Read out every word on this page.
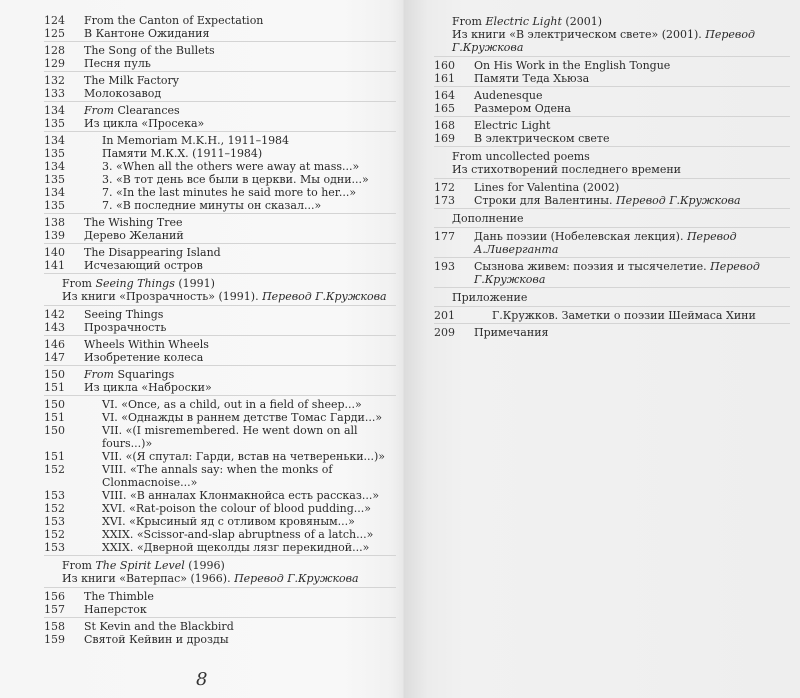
124	From the Canton of Expectation
125	В Кантоне Ожидания
128	The Song of the Bullets
129	Песня пуль
132	The Milk Factory
133	Молокозавод
134	From Clearances
135	Из цикла «Просека»
134	In Memoriam M.K.H., 1911–1984
135	Памяти М.К.Х. (1911–1984)
134	3. «When all the others were away at mass...»
135	3. «В тот день все были в церкви. Мы одни...»
134	7. «In the last minutes he said more to her...»
135	7. «В последние минуты он сказал...»
138	The Wishing Tree
139	Дерево Желаний
140	The Disappearing Island
141	Исчезающий остров
From Seeing Things (1991)
Из книги «Прозрачность» (1991). Перевод Г.Кружкова
142	Seeing Things
143	Прозрачность
146	Wheels Within Wheels
147	Изобретение колеса
150	From Squarings
151	Из цикла «Наброски»
150	VI. «Once, as a child, out in a field of sheep...»
151	VI. «Однажды в раннем детстве Томас Гарди...»
150	VII. «(I misremembered. He went down on all fours...)»
151	VII. «(Я спутал: Гарди, встав на четвереньки...)»
152	VIII. «The annals say: when the monks of Clonmacnoise...»
153	VIII. «В анналах Клонмакнойса есть рассказ...»
152	XVI. «Rat-poison the colour of blood pudding...»
153	XVI. «Крысиный яд с отливом кровяным...»
152	XXIX. «Scissor-and-slap abruptness of a latch...»
153	XXIX. «Дверной щеколды лязг перекидной...»
From The Spirit Level (1996)
Из книги «Ватерпас» (1966). Перевод Г.Кружкова
156	The Thimble
157	Наперсток
158	St Kevin and the Blackbird
159	Святой Кейвин и дрозды
8
From Electric Light (2001)
Из книги «В электрическом свете» (2001). Перевод Г.Кружкова
160	On His Work in the English Tongue
161	Памяти Теда Хьюза
164	Audenesque
165	Размером Одена
168	Electric Light
169	В электрическом свете
From uncollected poems
Из стихотворений последнего времени
172	Lines for Valentina (2002)
173	Строки для Валентины. Перевод Г.Кружкова
Дополнение
177	Дань поэзии (Нобелевская лекция). Перевод А.Ливерганта
193	Сызнова живем: поэзия и тысячелетие. Перевод Г.Кружкова
Приложение
201	Г.Кружков. Заметки о поэзии Шеймаса Хини
209	Примечания
